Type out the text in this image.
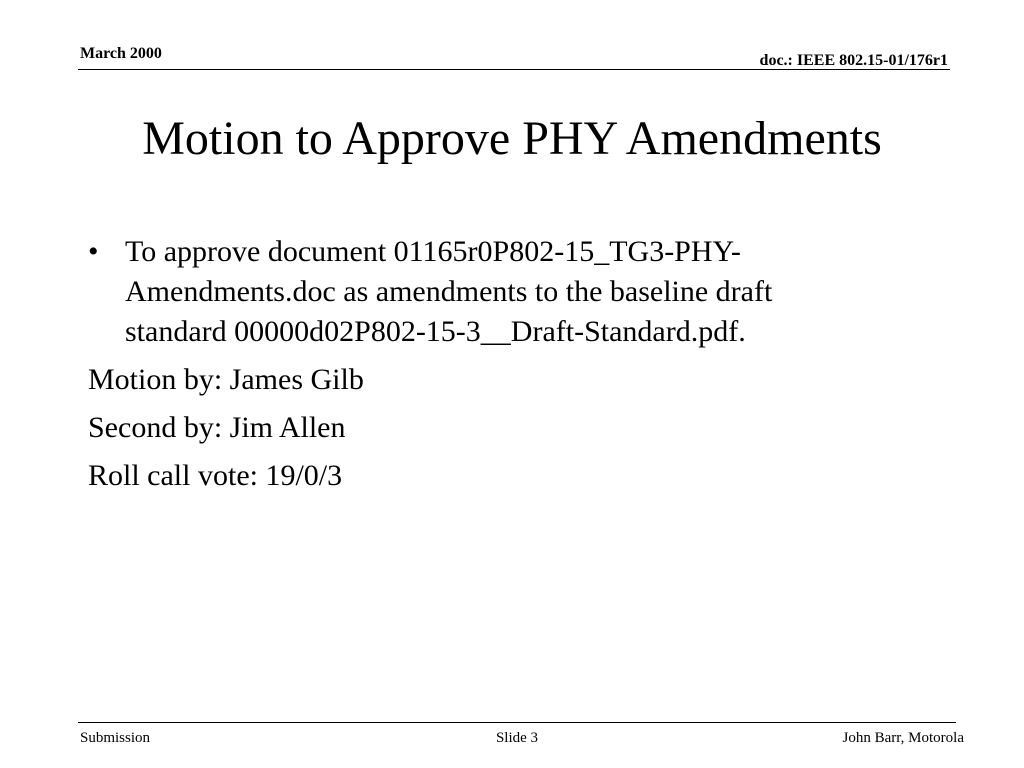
March 2000	doc.: IEEE 802.15-01/176r1
Motion to Approve PHY Amendments
• To approve document 01165r0P802-15_TG3-PHY-
Amendments.doc as amendments to the baseline draft
standard 00000d02P802-15-3__Draft-Standard.pdf.
Motion by: James Gilb
Second by: Jim Allen
Roll call vote: 19/0/3
Submission	Slide 3	John Barr, Motorola
